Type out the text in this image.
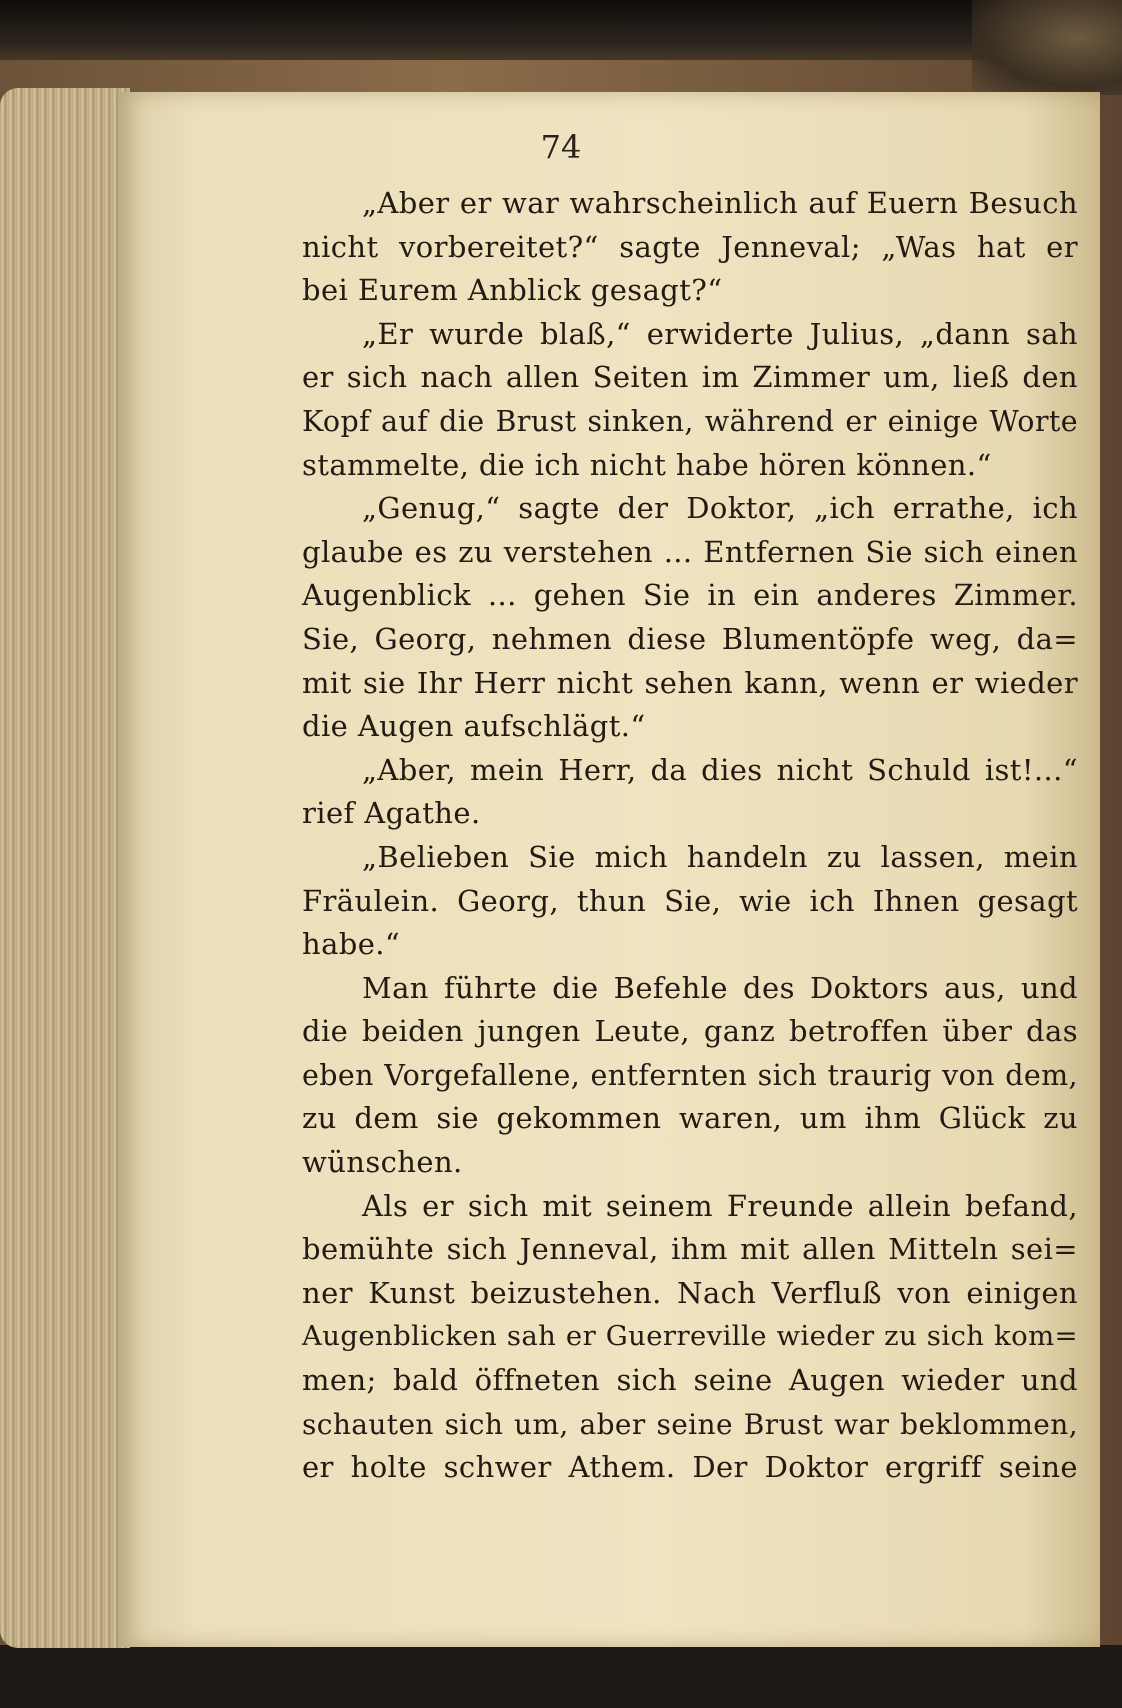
74
„Aber er war wahrscheinlich auf Euern Besuch
nicht vorbereitet?“ sagte Jenneval; „Was hat er
bei Eurem Anblick gesagt?“
„Er wurde blaß,“ erwiderte Julius, „dann sah
er sich nach allen Seiten im Zimmer um, ließ den
Kopf auf die Brust sinken, während er einige Worte
stammelte, die ich nicht habe hören können.“
„Genug,“ sagte der Doktor, „ich errathe, ich
glaube es zu verstehen ... Entfernen Sie sich einen
Augenblick ... gehen Sie in ein anderes Zimmer.
Sie, Georg, nehmen diese Blumentöpfe weg, da=
mit sie Ihr Herr nicht sehen kann, wenn er wieder
die Augen aufschlägt.“
„Aber, mein Herr, da dies nicht Schuld ist!...“
rief Agathe.
„Belieben Sie mich handeln zu lassen, mein
Fräulein. Georg, thun Sie, wie ich Ihnen gesagt
habe.“
Man führte die Befehle des Doktors aus, und
die beiden jungen Leute, ganz betroffen über das
eben Vorgefallene, entfernten sich traurig von dem,
zu dem sie gekommen waren, um ihm Glück zu
wünschen.
Als er sich mit seinem Freunde allein befand,
bemühte sich Jenneval, ihm mit allen Mitteln sei=
ner Kunst beizustehen. Nach Verfluß von einigen
Augenblicken sah er Guerreville wieder zu sich kom=
men; bald öffneten sich seine Augen wieder und
schauten sich um, aber seine Brust war beklommen,
er holte schwer Athem. Der Doktor ergriff seine
